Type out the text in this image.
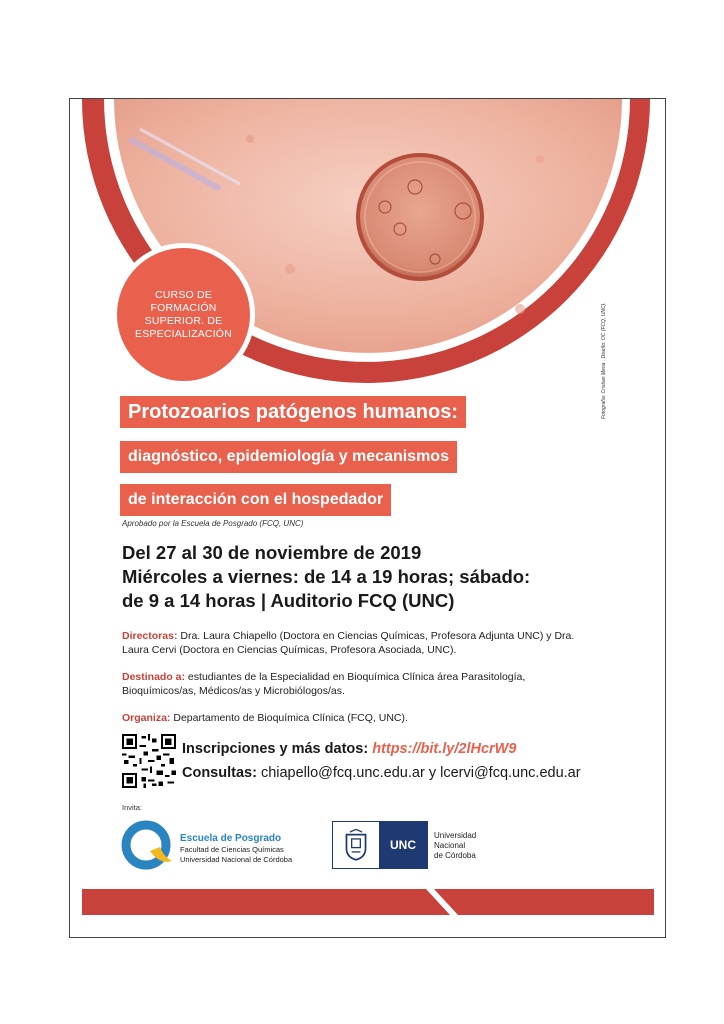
CURSO DE
FORMACIÓN
SUPERIOR. DE
ESPECIALIZACIÓN	Fotografía: Cristian Mena . Diseño: OC (FCQ, UNC).
Protozoarios patógenos humanos:
diagnóstico, epidemiología y mecanismos
de interacción con el hospedador
Aprobado por la Escuela de Posgrado (FCQ, UNC)
Del 27 al 30 de noviembre de 2019
Miércoles a viernes: de 14 a 19 horas; sábado:
de 9 a 14 horas | Auditorio FCQ (UNC)
Directoras: Dra. Laura Chiapello (Doctora en Ciencias Químicas, Profesora Adjunta UNC) y Dra. Laura Cervi (Doctora en Ciencias Químicas, Profesora Asociada, UNC).
Destinado a: estudiantes de la Especialidad en Bioquímica Clínica área Parasitología, Bioquímicos/as, Médicos/as y Microbiólogos/as.
Organiza: Departamento de Bioquímica Clínica (FCQ, UNC).
Inscripciones y más datos: https://bit.ly/2lHcrW9
Consultas: chiapello@fcq.unc.edu.ar y lcervi@fcq.unc.edu.ar
Invita:
Escuela de Posgrado
Facultad de Ciencias Químicas
Universidad Nacional de Córdoba
UNC
Universidad
Nacional
de Córdoba
